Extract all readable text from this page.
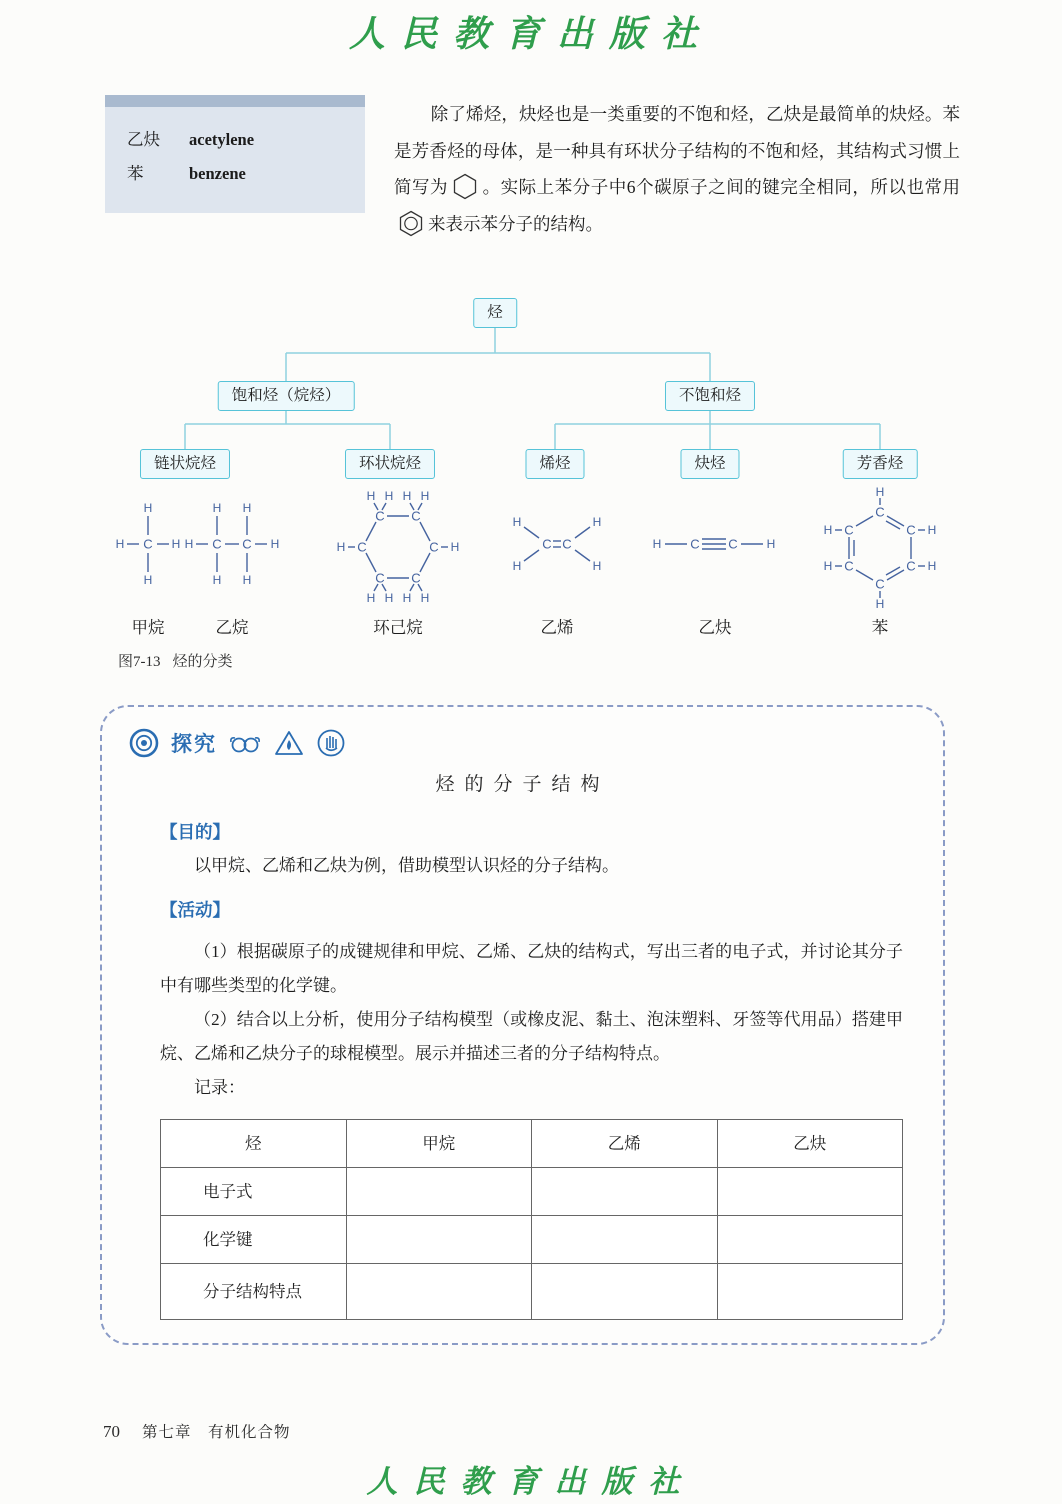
人民教育出版社
乙炔	acetylene
苯	benzene

除了烯烃，炔烃也是一类重要的不饱和烃，乙炔是最简单的炔烃。苯是芳香烃的母体，是一种具有环状分子结构的不饱和烃，其结构式习惯上简写为 。实际上苯分子中6个碳原子之间的键完全相同，所以也常用
来表示苯分子的结构。

烃
饱和烃（烷烃）	不饱和烃
链状烷烃	环状烷烃	烯烃	炔烃	芳香烃
H
H C H
H
H H
H C C H
H H
C
C
C
C
C C
H
H
H H H H
H H H H
H
H
C C
H
H
H C C H
C
C
C
C
C
C
H
H
H
H
H
H
甲烷	乙烷	环己烷	乙烯	乙炔	苯
图7-13 烃的分类
探究
烃的分子结构
【目的】

以甲烷、乙烯和乙炔为例，借助模型认识烃的分子结构。

【活动】

（1）根据碳原子的成键规律和甲烷、乙烯、乙炔的结构式，写出三者的电子式，并讨论其分子中有哪些类型的化学键。

（2）结合以上分析，使用分子结构模型（或橡皮泥、黏土、泡沫塑料、牙签等代用品）搭建甲烷、乙烯和乙炔分子的球棍模型。展示并描述三者的分子结构特点。

记录：

烃	甲烷	乙烯	乙炔
电子式			
化学键			
分子结构特点			
70 第七章　有机化合物
人民教育出版社
